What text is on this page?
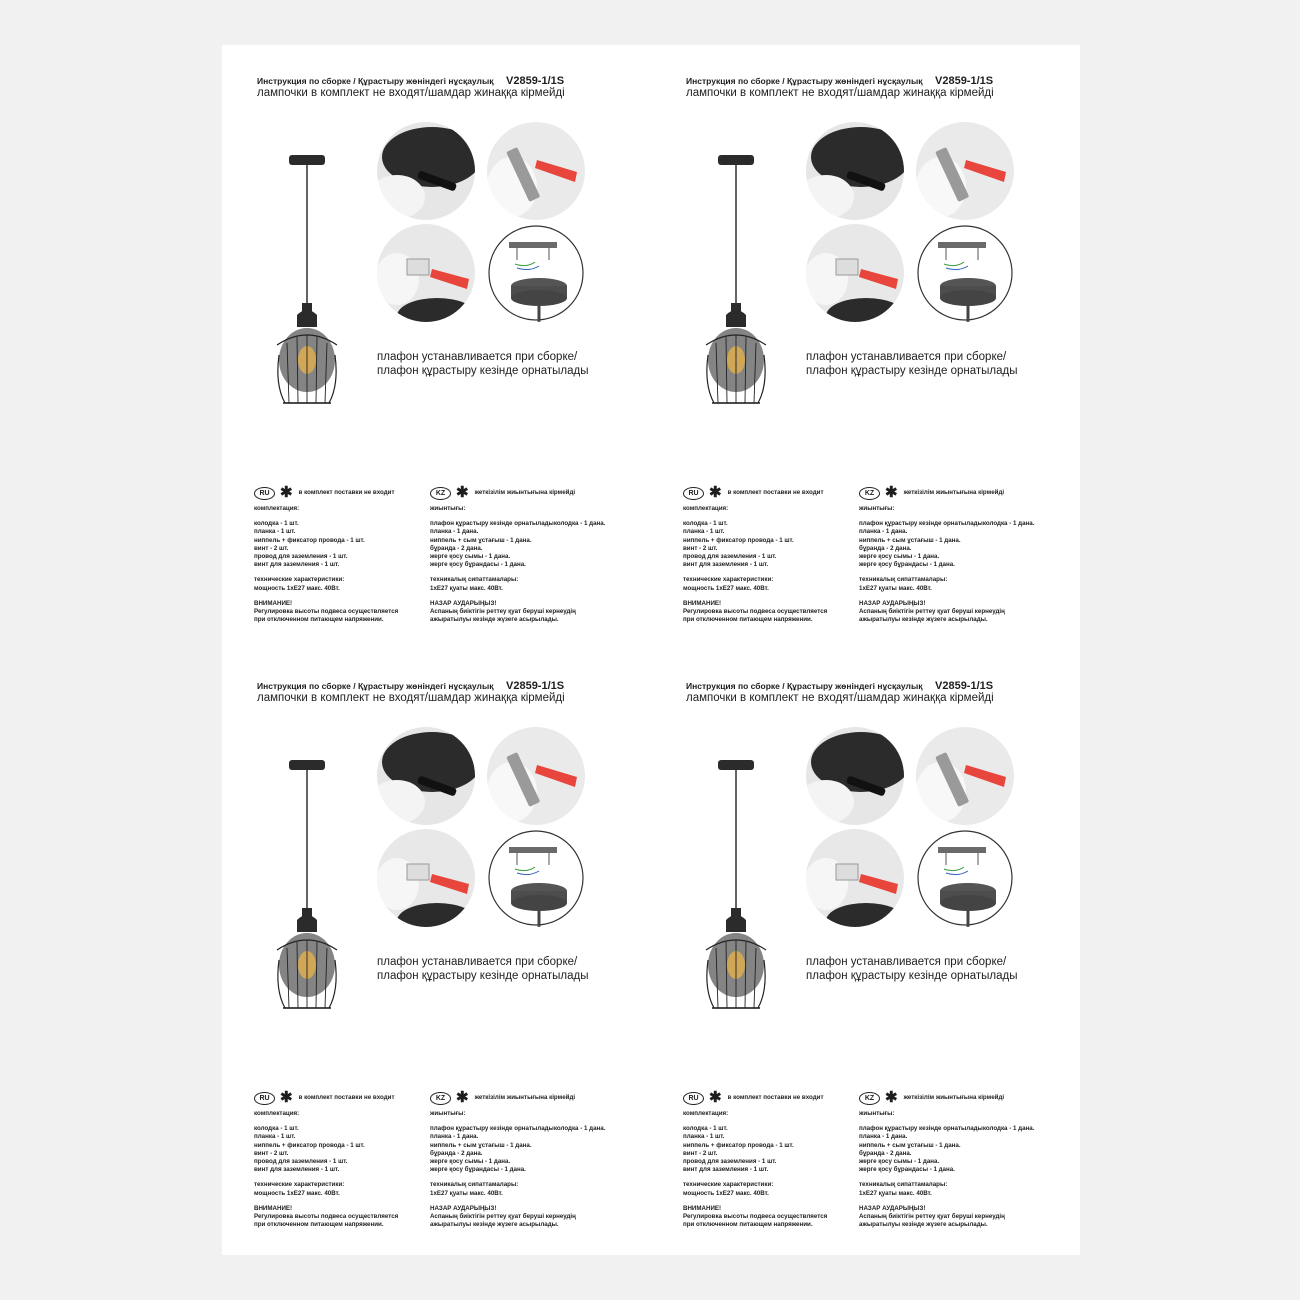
Инструкция по сборке / Құрастыру жөніндегі нұсқаулық V2859-1/1S
лампочки в комплект не входят/шамдар жинаққа кірмейді
плафон устанавливается при сборке/
плафон құрастыру кезінде орнатылады
RU ✱ в комплект поставки не входит

комплектация:

колодка - 1 шт.

планка - 1 шт.

ниппель + фиксатор провода - 1 шт.

винт - 2 шт.

провод для заземления - 1 шт.

винт для заземления - 1 шт.

технические характеристики:

мощность 1хЕ27 макс. 40Вт.

ВНИМАНИЕ!

Регулировка высоты подвеса осуществляется

при отключенном питающем напряжении.

KZ ✱ жеткізілім жиынтығына кірмейді

жиынтығы:

плафон құрастыру кезінде орнатыладыколодка - 1 дана.

планка - 1 дана.

ниппель + сым ұстағыш - 1 дана.

бұранда - 2 дана.

жерге қосу сымы - 1 дана.

жерге қосу бұрандасы - 1 дана.

техникалық сипаттамалары:

1хЕ27 қуаты макс. 40Вт.

НАЗАР АУДАРЫҢЫЗ!

Аспаның биіктігін реттеу қуат беруші кернеудің

ажыратылуы кезінде жүзеге асырылады.

Инструкция по сборке / Құрастыру жөніндегі нұсқаулық V2859-1/1S
лампочки в комплект не входят/шамдар жинаққа кірмейді
плафон устанавливается при сборке/
плафон құрастыру кезінде орнатылады
RU ✱ в комплект поставки не входит

комплектация:

колодка - 1 шт.

планка - 1 шт.

ниппель + фиксатор провода - 1 шт.

винт - 2 шт.

провод для заземления - 1 шт.

винт для заземления - 1 шт.

технические характеристики:

мощность 1хЕ27 макс. 40Вт.

ВНИМАНИЕ!

Регулировка высоты подвеса осуществляется

при отключенном питающем напряжении.

KZ ✱ жеткізілім жиынтығына кірмейді

жиынтығы:

плафон құрастыру кезінде орнатыладыколодка - 1 дана.

планка - 1 дана.

ниппель + сым ұстағыш - 1 дана.

бұранда - 2 дана.

жерге қосу сымы - 1 дана.

жерге қосу бұрандасы - 1 дана.

техникалық сипаттамалары:

1хЕ27 қуаты макс. 40Вт.

НАЗАР АУДАРЫҢЫЗ!

Аспаның биіктігін реттеу қуат беруші кернеудің

ажыратылуы кезінде жүзеге асырылады.

Инструкция по сборке / Құрастыру жөніндегі нұсқаулық V2859-1/1S
лампочки в комплект не входят/шамдар жинаққа кірмейді
плафон устанавливается при сборке/
плафон құрастыру кезінде орнатылады
RU ✱ в комплект поставки не входит

комплектация:

колодка - 1 шт.

планка - 1 шт.

ниппель + фиксатор провода - 1 шт.

винт - 2 шт.

провод для заземления - 1 шт.

винт для заземления - 1 шт.

технические характеристики:

мощность 1хЕ27 макс. 40Вт.

ВНИМАНИЕ!

Регулировка высоты подвеса осуществляется

при отключенном питающем напряжении.

KZ ✱ жеткізілім жиынтығына кірмейді

жиынтығы:

плафон құрастыру кезінде орнатыладыколодка - 1 дана.

планка - 1 дана.

ниппель + сым ұстағыш - 1 дана.

бұранда - 2 дана.

жерге қосу сымы - 1 дана.

жерге қосу бұрандасы - 1 дана.

техникалық сипаттамалары:

1хЕ27 қуаты макс. 40Вт.

НАЗАР АУДАРЫҢЫЗ!

Аспаның биіктігін реттеу қуат беруші кернеудің

ажыратылуы кезінде жүзеге асырылады.

Инструкция по сборке / Құрастыру жөніндегі нұсқаулық V2859-1/1S
лампочки в комплект не входят/шамдар жинаққа кірмейді
плафон устанавливается при сборке/
плафон құрастыру кезінде орнатылады
RU ✱ в комплект поставки не входит

комплектация:

колодка - 1 шт.

планка - 1 шт.

ниппель + фиксатор провода - 1 шт.

винт - 2 шт.

провод для заземления - 1 шт.

винт для заземления - 1 шт.

технические характеристики:

мощность 1хЕ27 макс. 40Вт.

ВНИМАНИЕ!

Регулировка высоты подвеса осуществляется

при отключенном питающем напряжении.

KZ ✱ жеткізілім жиынтығына кірмейді

жиынтығы:

плафон құрастыру кезінде орнатыладыколодка - 1 дана.

планка - 1 дана.

ниппель + сым ұстағыш - 1 дана.

бұранда - 2 дана.

жерге қосу сымы - 1 дана.

жерге қосу бұрандасы - 1 дана.

техникалық сипаттамалары:

1хЕ27 қуаты макс. 40Вт.

НАЗАР АУДАРЫҢЫЗ!

Аспаның биіктігін реттеу қуат беруші кернеудің

ажыратылуы кезінде жүзеге асырылады.
